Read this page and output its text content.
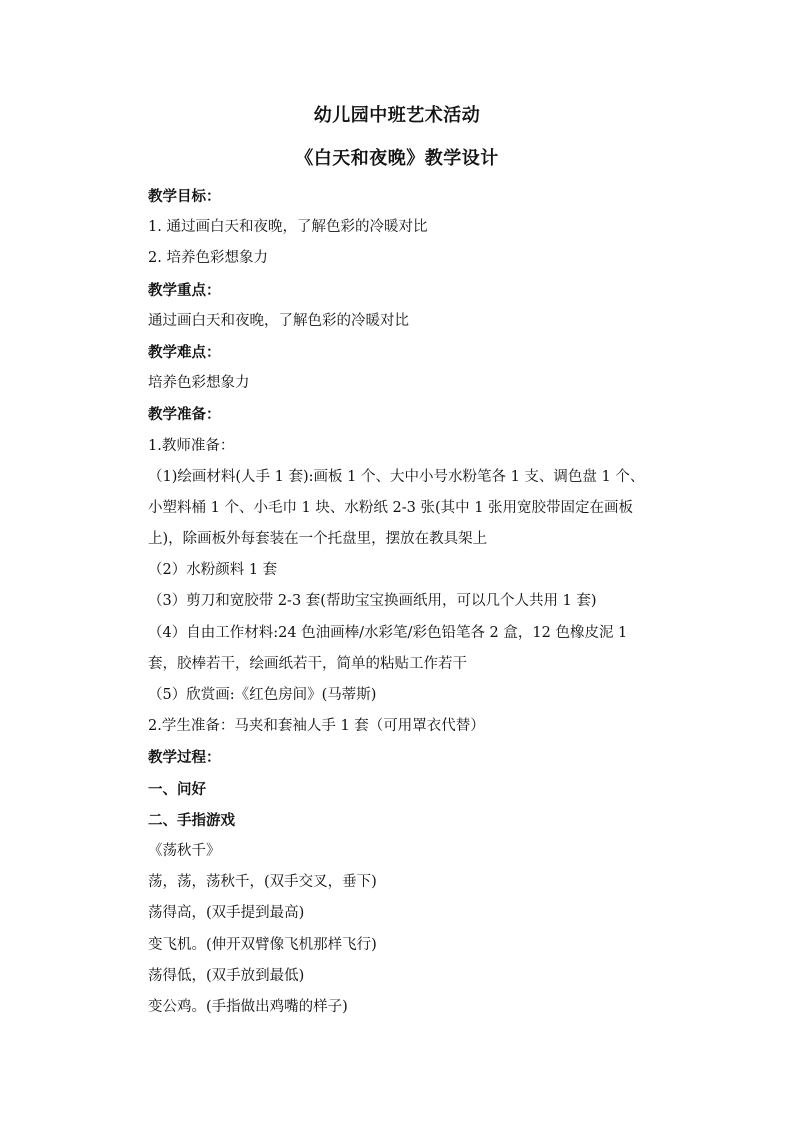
幼儿园中班艺术活动
《白天和夜晚》教学设计
教学目标：
1. 通过画白天和夜晚，了解色彩的冷暖对比
2. 培养色彩想象力
教学重点：
通过画白天和夜晚，了解色彩的冷暖对比
教学难点：
培养色彩想象力
教学准备：
1.教师准备：
（1)绘画材料(人手 1 套):画板 1 个、大中小号水粉笔各 1 支、调色盘 1 个、
小塑料桶 1 个、小毛巾 1 块、水粉纸 2-3 张(其中 1 张用宽胶带固定在画板
上)，除画板外每套装在一个托盘里，摆放在教具架上
（2）水粉颜料 1 套
（3）剪刀和宽胶带 2-3 套(帮助宝宝换画纸用，可以几个人共用 1 套)
（4）自由工作材料:24 色油画棒/水彩笔/彩色铅笔各 2 盒，12 色橡皮泥 1
套，胶棒若干，绘画纸若干，简单的粘贴工作若干
（5）欣赏画:《红色房间》(马蒂斯)
2.学生准备：马夹和套袖人手 1 套（可用罩衣代替）
教学过程：
一、问好
二、手指游戏
《荡秋千》
荡，荡，荡秋千，(双手交叉，垂下)
荡得高，(双手提到最高)
变飞机。(伸开双臂像飞机那样飞行)
荡得低，(双手放到最低)
变公鸡。(手指做出鸡嘴的样子)
